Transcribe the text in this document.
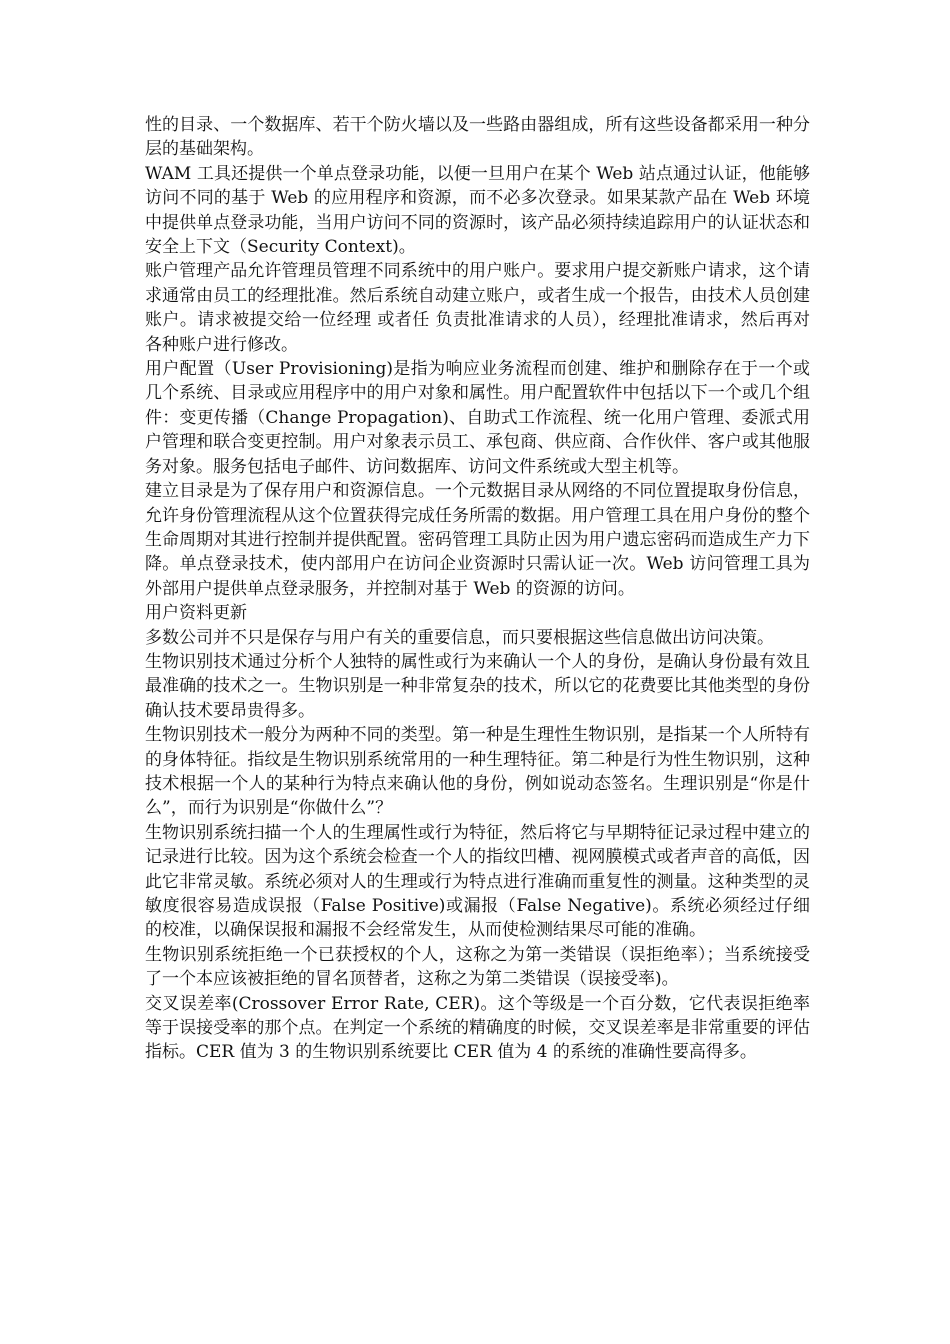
性的目录、一个数据库、若干个防火墙以及一些路由器组成，所有这些设备都采用一种分层的基础架构。

WAM 工具还提供一个单点登录功能，以便一旦用户在某个 Web 站点通过认证，他能够访问不同的基于 Web 的应用程序和资源，而不必多次登录。如果某款产品在 Web 环境中提供单点登录功能，当用户访问不同的资源时，该产品必须持续追踪用户的认证状态和安全上下文（Security Context)。

账户管理产品允许管理员管理不同系统中的用户账户。要求用户提交新账户请求，这个请求通常由员工的经理批准。然后系统自动建立账户，或者生成一个报告，由技术人员创建账户。请求被提交给一位经理 或者任 负责批准请求的人员），经理批准请求，然后再对各种账户进行修改。

用户配置（User Provisioning)是指为响应业务流程而创建、维护和删除存在于一个或几个系统、目录或应用程序中的用户对象和属性。用户配置软件中包括以下一个或几个组件：变更传播（Change Propagation)、自助式工作流程、统一化用户管理、委派式用户管理和联合变更控制。用户对象表示员工、承包商、供应商、合作伙伴、客户或其他服务对象。服务包括电子邮件、访问数据库、访问文件系统或大型主机等。

建立目录是为了保存用户和资源信息。一个元数据目录从网络的不同位置提取身份信息，允许身份管理流程从这个位置获得完成任务所需的数据。用户管理工具在用户身份的整个生命周期对其进行控制并提供配置。密码管理工具防止因为用户遗忘密码而造成生产力下降。单点登录技术，使内部用户在访问企业资源时只需认证一次。Web 访问管理工具为外部用户提供单点登录服务，并控制对基于 Web 的资源的访问。

用户资料更新

多数公司并不只是保存与用户有关的重要信息，而只要根据这些信息做出访问决策。

生物识别技术通过分析个人独特的属性或行为来确认一个人的身份，是确认身份最有效且最准确的技术之一。生物识别是一种非常复杂的技术，所以它的花费要比其他类型的身份确认技术要昂贵得多。

生物识别技术一般分为两种不同的类型。第一种是生理性生物识别，是指某一个人所特有的身体特征。指纹是生物识别系统常用的一种生理特征。第二种是行为性生物识别，这种技术根据一个人的某种行为特点来确认他的身份，例如说动态签名。生理识别是“你是什么”，而行为识别是“你做什么”？

生物识别系统扫描一个人的生理属性或行为特征，然后将它与早期特征记录过程中建立的记录进行比较。因为这个系统会检查一个人的指纹凹槽、视网膜模式或者声音的高低，因此它非常灵敏。系统必须对人的生理或行为特点进行准确而重复性的测量。这种类型的灵敏度很容易造成误报（False Positive)或漏报（False Negative)。系统必须经过仔细的校准，以确保误报和漏报不会经常发生，从而使检测结果尽可能的准确。

生物识别系统拒绝一个已获授权的个人，这称之为第一类错误（误拒绝率）；当系统接受了一个本应该被拒绝的冒名顶替者，这称之为第二类错误（误接受率)。

交叉误差率(Crossover Error Rate, CER)。这个等级是一个百分数，它代表误拒绝率等于误接受率的那个点。在判定一个系统的精确度的时候，交叉误差率是非常重要的评估指标。CER 值为 3 的生物识别系统要比 CER 值为 4 的系统的准确性要高得多。
